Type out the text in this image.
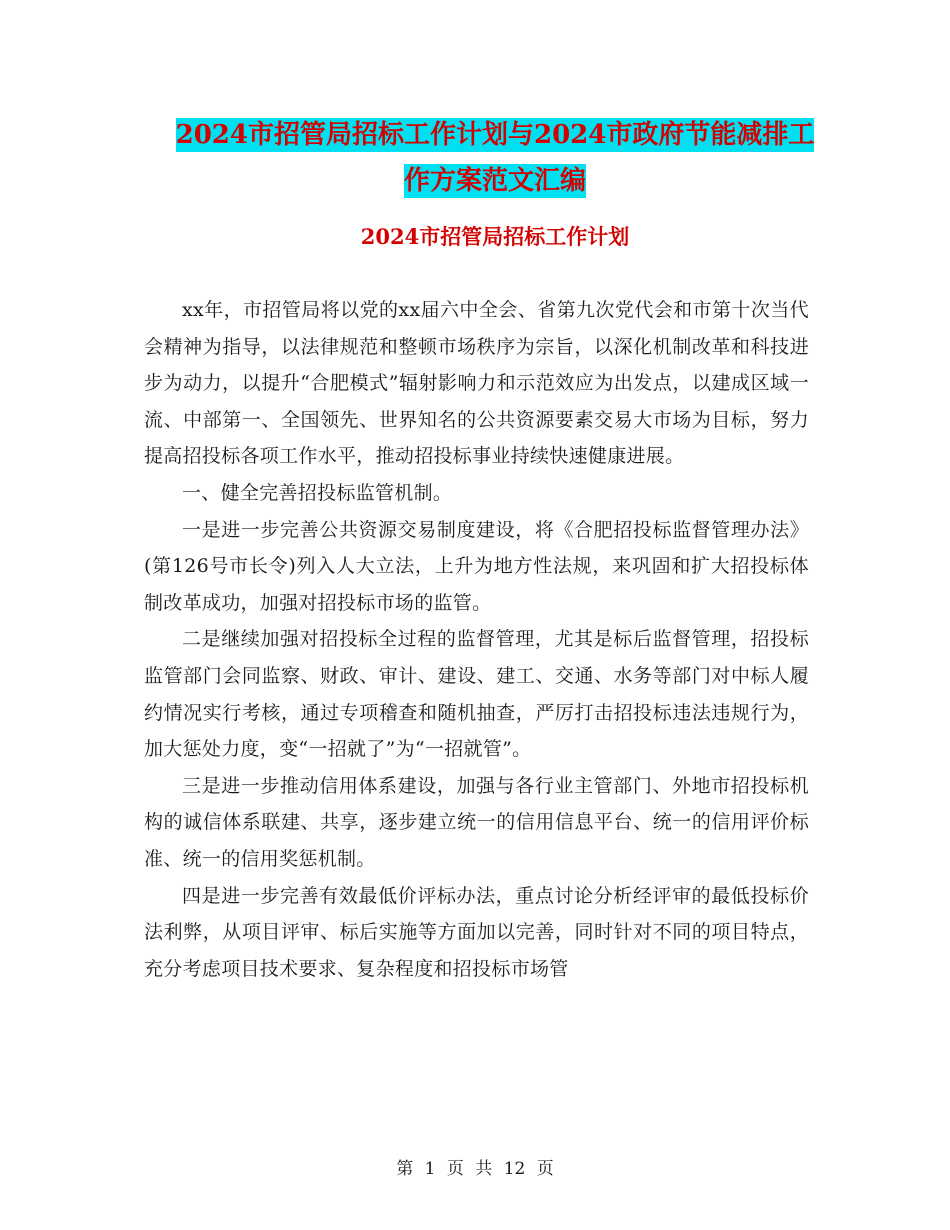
2024市招管局招标工作计划与2024市政府节能减排工
作方案范文汇编
2024市招管局招标工作计划

xx年，市招管局将以党的xx届六中全会、省第九次党代会和市第十次当代会精神为指导，以法律规范和整顿市场秩序为宗旨，以深化机制改革和科技进步为动力，以提升“合肥模式”辐射影响力和示范效应为出发点，以建成区域一流、中部第一、全国领先、世界知名的公共资源要素交易大市场为目标，努力提高招投标各项工作水平，推动招投标事业持续快速健康进展。

一、健全完善招投标监管机制。

一是进一步完善公共资源交易制度建设，将《合肥招投标监督管理办法》(第126号市长令)列入人大立法，上升为地方性法规，来巩固和扩大招投标体制改革成功，加强对招投标市场的监管。

二是继续加强对招投标全过程的监督管理，尤其是标后监督管理，招投标监管部门会同监察、财政、审计、建设、建工、交通、水务等部门对中标人履约情况实行考核，通过专项稽查和随机抽查，严厉打击招投标违法违规行为，加大惩处力度，变“一招就了”为“一招就管”。

三是进一步推动信用体系建设，加强与各行业主管部门、外地市招投标机构的诚信体系联建、共享，逐步建立统一的信用信息平台、统一的信用评价标准、统一的信用奖惩机制。

四是进一步完善有效最低价评标办法，重点讨论分析经评审的最低投标价法利弊，从项目评审、标后实施等方面加以完善，同时针对不同的项目特点，充分考虑项目技术要求、复杂程度和招投标市场管

第 1 页 共 12 页
